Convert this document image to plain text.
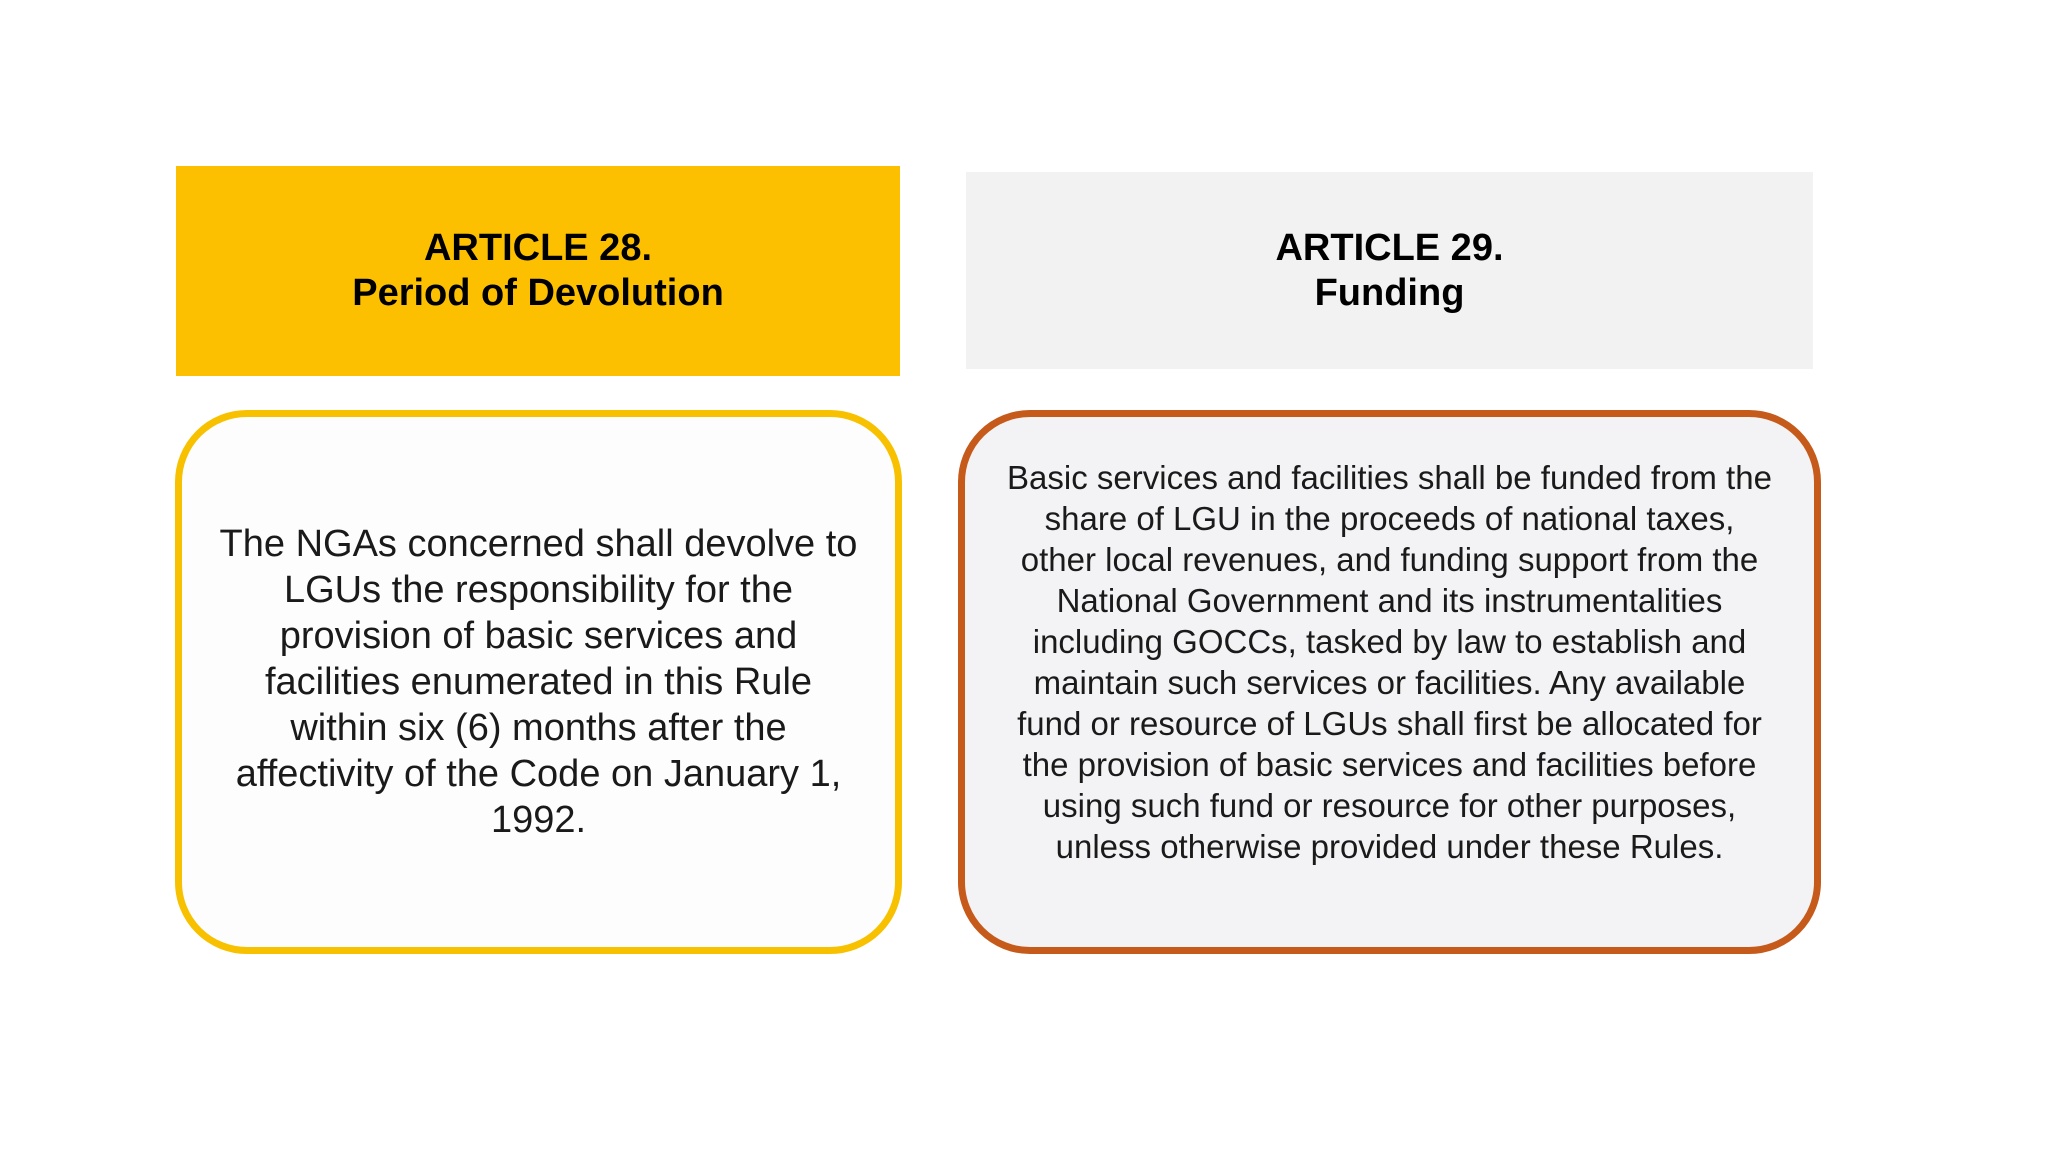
ARTICLE 28.
Period of Devolution
ARTICLE 29.
Funding

The NGAs concerned shall devolve to LGUs the responsibility for the provision of basic services and facilities enumerated in this Rule within six (6) months after the affectivity of the Code on January 1, 1992.

Basic services and facilities shall be funded from the share of LGU in the proceeds of national taxes, other local revenues, and funding support from the National Government and its instrumentalities including GOCCs, tasked by law to establish and maintain such services or facilities. Any available fund or resource of LGUs shall first be allocated for the provision of basic services and facilities before using such fund or resource for other purposes, unless otherwise provided under these Rules.
